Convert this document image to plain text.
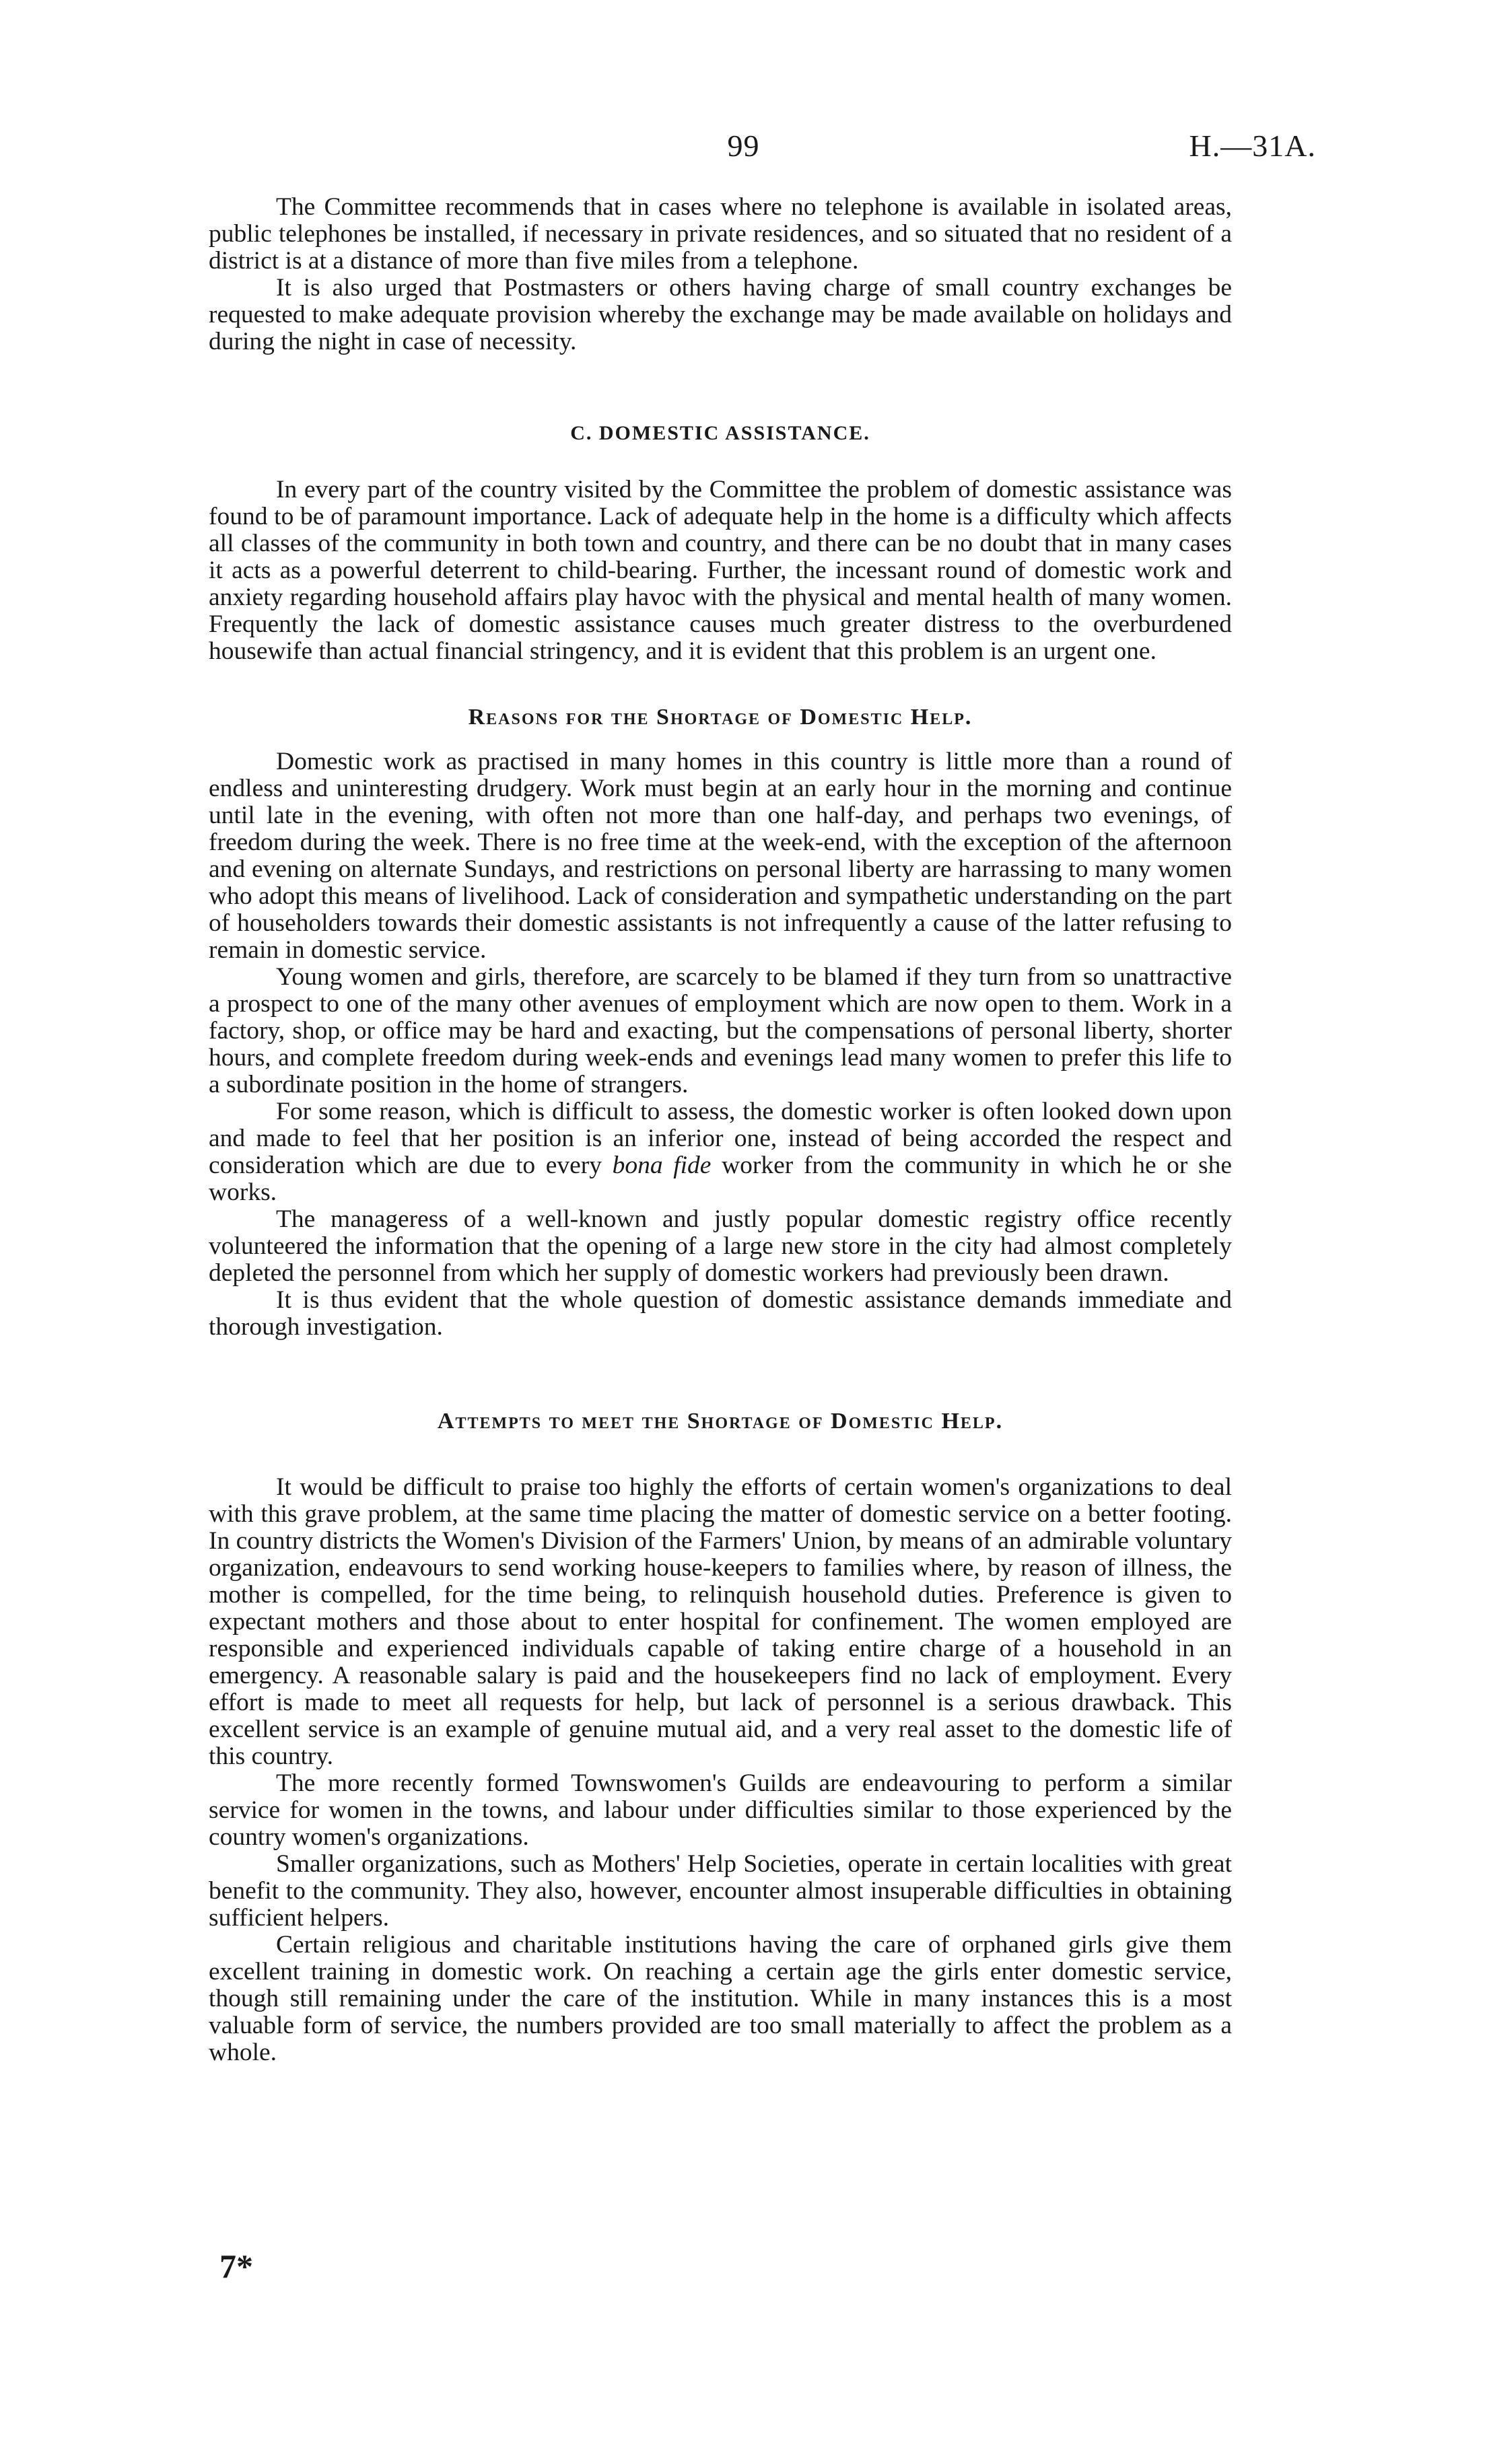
99	H.—31A.

The Committee recommends that in cases where no telephone is available in isolated areas, public telephones be installed, if necessary in private residences, and so situated that no resident of a district is at a distance of more than five miles from a telephone.

It is also urged that Postmasters or others having charge of small country exchanges be requested to make adequate provision whereby the exchange may be made available on holidays and during the night in case of necessity.

C. DOMESTIC ASSISTANCE.

In every part of the country visited by the Committee the problem of domestic assistance was found to be of paramount importance. Lack of adequate help in the home is a difficulty which affects all classes of the community in both town and country, and there can be no doubt that in many cases it acts as a powerful deterrent to child-bearing. Further, the incessant round of domestic work and anxiety regarding household affairs play havoc with the physical and mental health of many women. Frequently the lack of domestic assistance causes much greater distress to the overburdened housewife than actual financial stringency, and it is evident that this problem is an urgent one.

Reasons for the Shortage of Domestic Help.

Domestic work as practised in many homes in this country is little more than a round of endless and uninteresting drudgery. Work must begin at an early hour in the morning and continue until late in the evening, with often not more than one half-day, and perhaps two evenings, of freedom during the week. There is no free time at the week-end, with the exception of the afternoon and evening on alternate Sundays, and restrictions on personal liberty are harrassing to many women who adopt this means of livelihood. Lack of consideration and sympathetic understanding on the part of householders towards their domestic assistants is not infrequently a cause of the latter refusing to remain in domestic service.

Young women and girls, therefore, are scarcely to be blamed if they turn from so unattractive a prospect to one of the many other avenues of employment which are now open to them. Work in a factory, shop, or office may be hard and exacting, but the compensations of personal liberty, shorter hours, and complete freedom during week-ends and evenings lead many women to prefer this life to a subordinate position in the home of strangers.

For some reason, which is difficult to assess, the domestic worker is often looked down upon and made to feel that her position is an inferior one, instead of being accorded the respect and consideration which are due to every bona fide worker from the community in which he or she works.

The manageress of a well-known and justly popular domestic registry office recently volunteered the information that the opening of a large new store in the city had almost completely depleted the personnel from which her supply of domestic workers had previously been drawn.

It is thus evident that the whole question of domestic assistance demands immediate and thorough investigation.

Attempts to meet the Shortage of Domestic Help.

It would be difficult to praise too highly the efforts of certain women's organizations to deal with this grave problem, at the same time placing the matter of domestic service on a better footing. In country districts the Women's Division of the Farmers' Union, by means of an admirable voluntary organization, endeavours to send working house-keepers to families where, by reason of illness, the mother is compelled, for the time being, to relinquish household duties. Preference is given to expectant mothers and those about to enter hospital for confinement. The women employed are responsible and experienced individuals capable of taking entire charge of a household in an emergency. A reasonable salary is paid and the housekeepers find no lack of employment. Every effort is made to meet all requests for help, but lack of personnel is a serious drawback. This excellent service is an example of genuine mutual aid, and a very real asset to the domestic life of this country.

The more recently formed Townswomen's Guilds are endeavouring to perform a similar service for women in the towns, and labour under difficulties similar to those experienced by the country women's organizations.

Smaller organizations, such as Mothers' Help Societies, operate in certain localities with great benefit to the community. They also, however, encounter almost insuperable difficulties in obtaining sufficient helpers.

Certain religious and charitable institutions having the care of orphaned girls give them excellent training in domestic work. On reaching a certain age the girls enter domestic service, though still remaining under the care of the institution. While in many instances this is a most valuable form of service, the numbers provided are too small materially to affect the problem as a whole.

7*
